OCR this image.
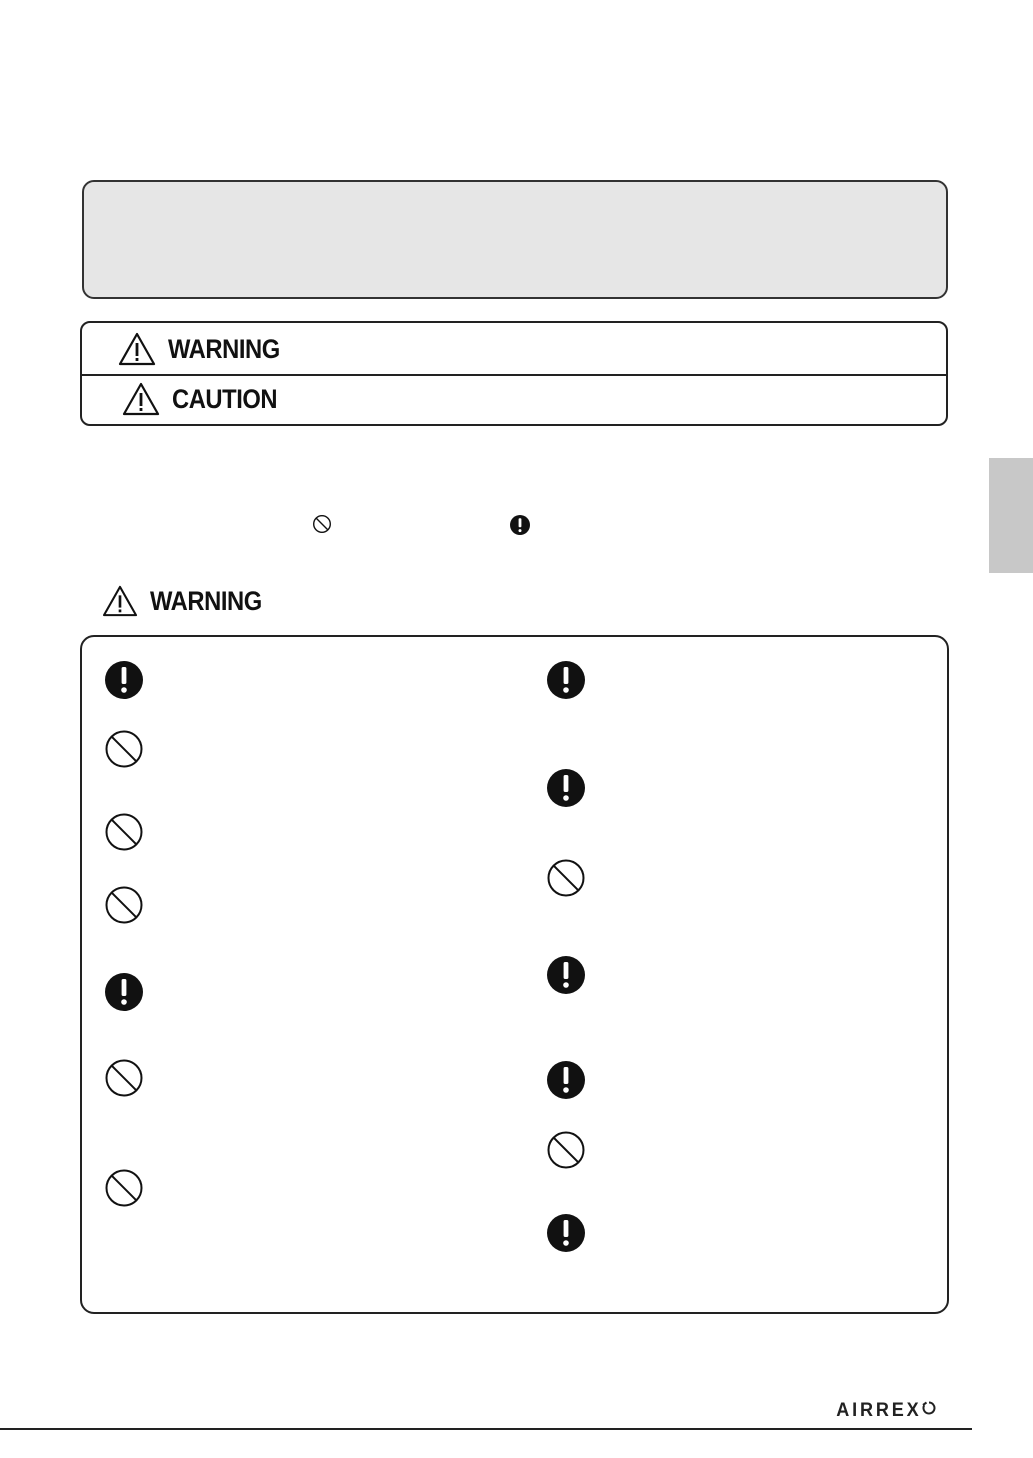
WARNING
CAUTION
WARNING
AIRREX
